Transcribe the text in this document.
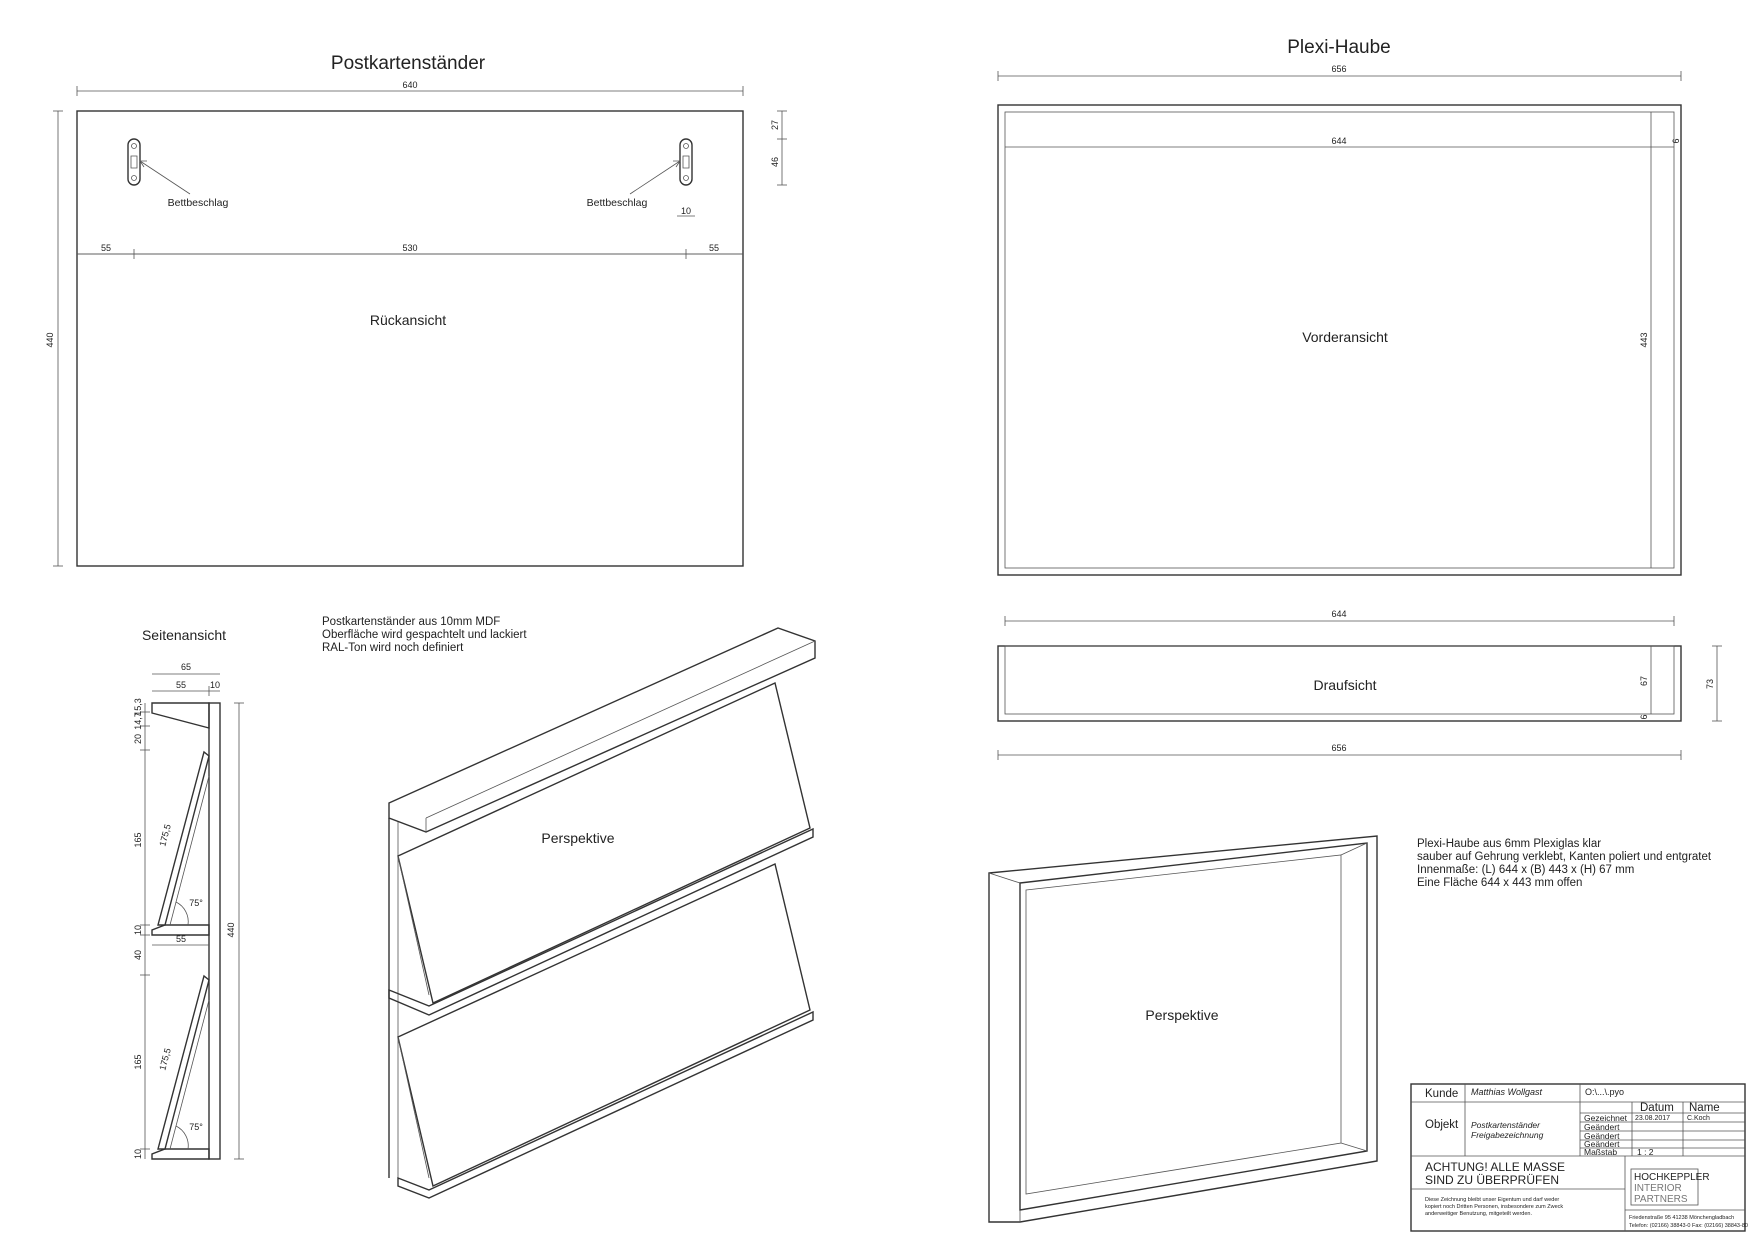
Postkartenständer
Plexi-Haube
640
440
27
46
55	530	55
Bettbeschlag	Bettbeschlag
10
Rückansicht
656
644
443
6
Vorderansicht
644
656
67
6
73
Draufsicht
Seitenansicht
65
55	10
75°
175,5
55
75°
175,5
440
15,3
14,7
20
165
10
40
165
10
Postkartenständer aus 10mm MDF
Oberfläche wird gespachtelt und lackiert
RAL-Ton wird noch definiert
Perspektive	Plexi-Haube aus 6mm Plexiglas klar
sauber auf Gehrung verklebt, Kanten poliert und entgratet
Innenmaße: (L) 644 x (B) 443 x (H) 67 mm
Eine Fläche 644 x 443 mm offen
Perspektive
Kunde Matthias Wollgast	O:\...\.pyo
Datum Name
Objekt Postkartenständer
Freigabezeichnung
Gezeichnet 23.08.2017 C.Koch
Geändert
Geändert
Geändert
Maßstab 1 : 2
ACHTUNG! ALLE MASSE
SIND ZU ÜBERPRÜFEN
Diese Zeichnung bleibt unser Eigentum und darf weder
kopiert noch Dritten Personen, insbesondere zum Zweck
anderweitiger Benutzung, mitgeteilt werden.
HOCHKEPPLER
INTERIOR
PARTNERS
Friedenstraße 95 41238 Mönchengladbach
Telefon: (02166) 38843-0 Fax: (02166) 38843-80
